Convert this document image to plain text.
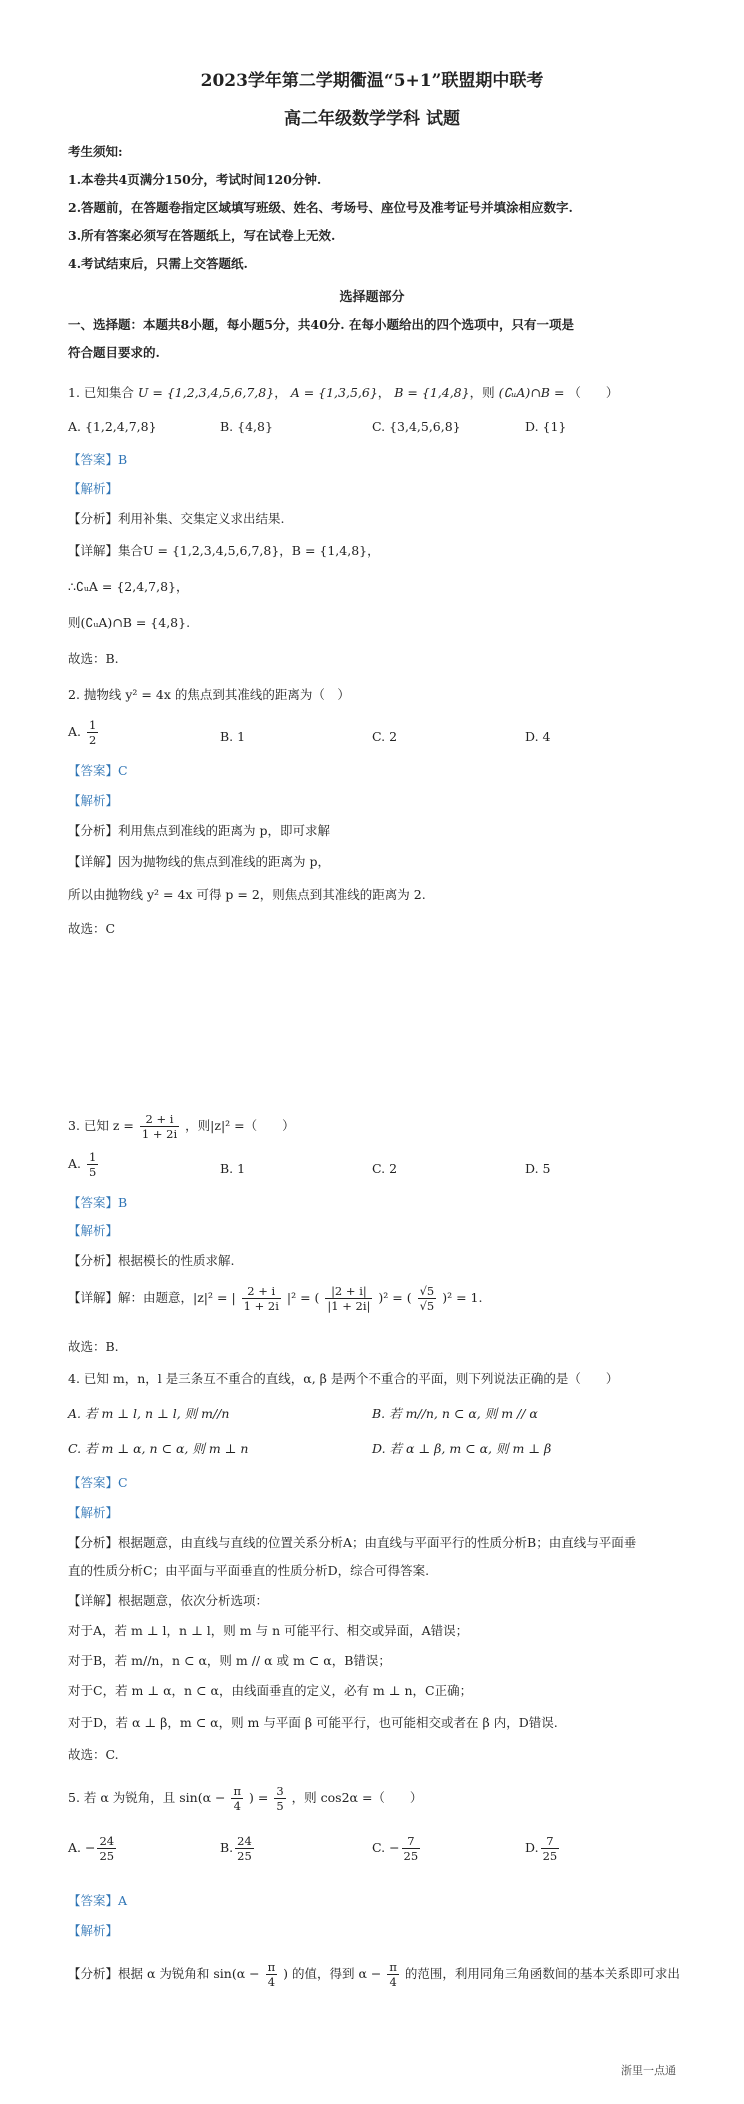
2023学年第二学期衢温“5+1”联盟期中联考
高二年级数学学科 试题
考生须知:
1.本卷共4页满分150分，考试时间120分钟.
2.答题前，在答题卷指定区域填写班级、姓名、考场号、座位号及准考证号并填涂相应数字.
3.所有答案必须写在答题纸上，写在试卷上无效.
4.考试结束后，只需上交答题纸.
选择题部分
一、选择题：本题共8小题，每小题5分，共40分. 在每小题给出的四个选项中，只有一项是
符合题目要求的.
1. 已知集合 U = {1,2,3,4,5,6,7,8}， A = {1,3,5,6}， B = {1,4,8}，则 (∁ᵤA)∩B = （　　）
A. {1,2,4,7,8}	B. {4,8}	C. {3,4,5,6,8}	D. {1}
【答案】B
【解析】
【分析】利用补集、交集定义求出结果.
【详解】集合U = {1,2,3,4,5,6,7,8}，B = {1,4,8}，
∴∁ᵤA = {2,4,7,8}，
则(∁ᵤA)∩B = {4,8}.
故选：B.
2. 抛物线 y² = 4x 的焦点到其准线的距离为（　）
A. $\frac{1}{2}$	B. 1	C. 2	D. 4
【答案】C
【解析】
【分析】利用焦点到准线的距离为 p，即可求解
【详解】因为抛物线的焦点到准线的距离为 p，
所以由抛物线 y² = 4x 可得 p = 2，则焦点到其准线的距离为 2.
故选：C
3. 已知 $z = \frac{2 + i}{1 + 2i}$ ，则|z|² =（　　）
A. $\frac{1}{5}$	B. 1	C. 2	D. 5
【答案】B
【解析】
【分析】根据模长的性质求解.
【详解】解：由题意，|z|² = | $\frac{2 + i}{1 + 2i} |^2$ = ( $\frac{|2 + i|}{|1 + 2i|} )^2$ = ( $\frac{√5}{√5} )^2 = 1$.
故选：B.
4. 已知 m，n，l 是三条互不重合的直线，α, β 是两个不重合的平面，则下列说法正确的是（　　）
A. 若 m ⊥ l, n ⊥ l, 则 m//n	B. 若 m//n, n ⊂ α, 则 m // α
C. 若 m ⊥ α, n ⊂ α, 则 m ⊥ n	D. 若 α ⊥ β, m ⊂ α, 则 m ⊥ β
【答案】C
【解析】
【分析】根据题意，由直线与直线的位置关系分析A；由直线与平面平行的性质分析B；由直线与平面垂
直的性质分析C；由平面与平面垂直的性质分析D，综合可得答案.
【详解】根据题意，依次分析选项：
对于A，若 m ⊥ l，n ⊥ l，则 m 与 n 可能平行、相交或异面，A错误；
对于B，若 m//n，n ⊂ α，则 m // α 或 m ⊂ α，B错误；
对于C，若 m ⊥ α，n ⊂ α，由线面垂直的定义，必有 m ⊥ n，C正确；
对于D，若 α ⊥ β，m ⊂ α，则 m 与平面 β 可能平行，也可能相交或者在 β 内，D错误.
故选：C.
5. 若 α 为锐角，且 $\sin(\alpha - \frac{\pi}{4}$ ) = $\frac{3}{5}$ ，则 cos2α =（　　）
A. − $\frac{24}{25}$	B. $\frac{24}{25}$	C. − $\frac{7}{25}$	D. $\frac{7}{25}$
【答案】A
【解析】
【分析】根据 α 为锐角和 $\sin(\alpha - \frac{\pi}{4}$ ) 的值，得到 $\alpha - \frac{\pi}{4}$ 的范围，利用同角三角函数间的基本关系即可求出
浙里一点通
